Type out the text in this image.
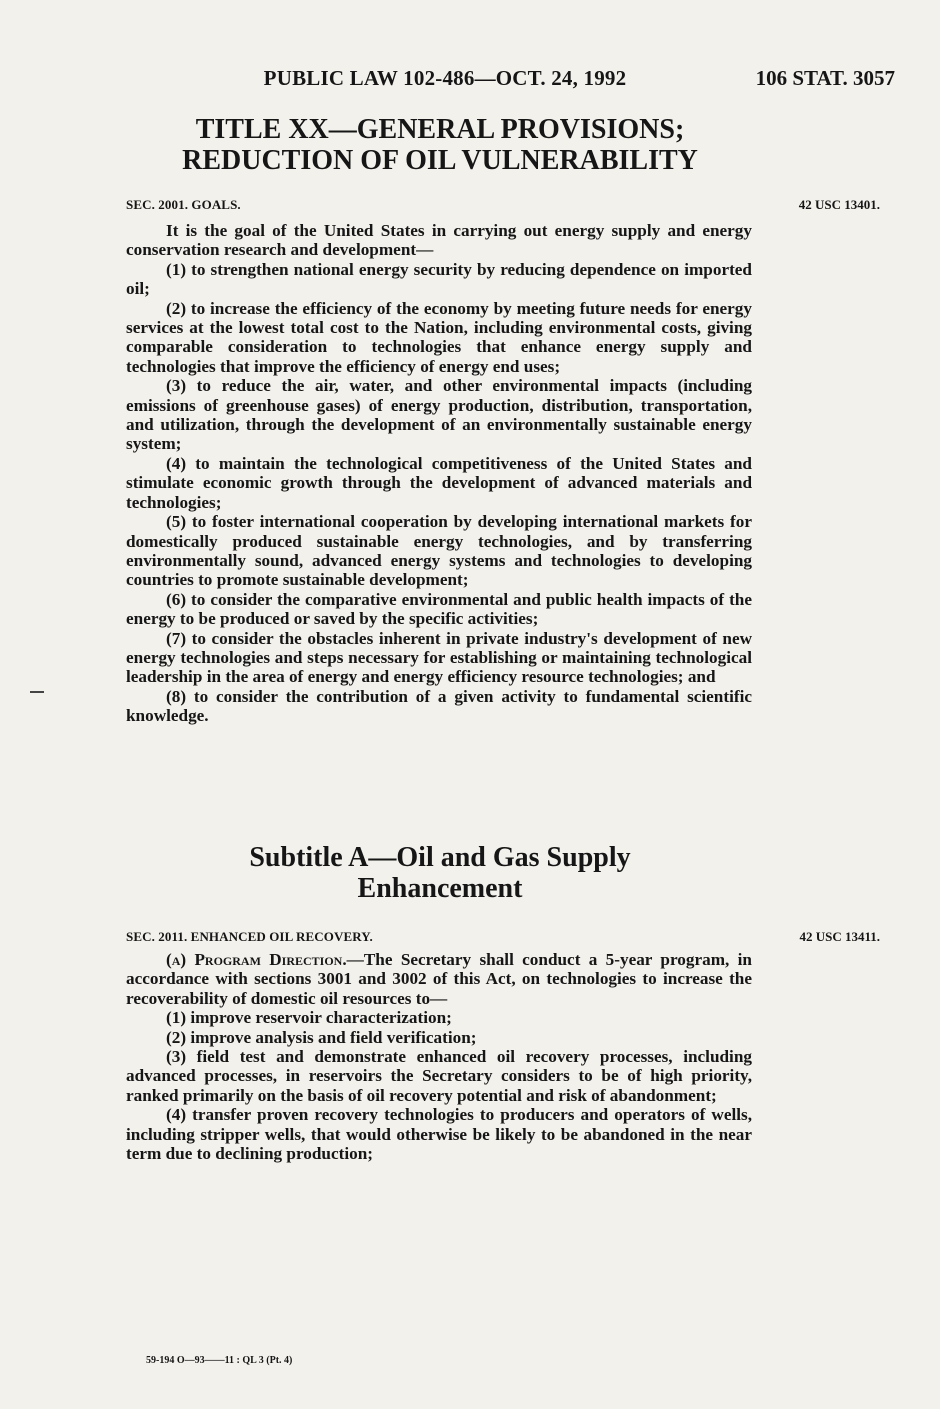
PUBLIC LAW 102-486—OCT. 24, 1992	106 STAT. 3057
TITLE XX—GENERAL PROVISIONS;
REDUCTION OF OIL VULNERABILITY
SEC. 2001. GOALS.	42 USC 13401.

It is the goal of the United States in carrying out energy supply and energy conservation research and development—

(1) to strengthen national energy security by reducing dependence on imported oil;

(2) to increase the efficiency of the economy by meeting future needs for energy services at the lowest total cost to the Nation, including environmental costs, giving comparable consideration to technologies that enhance energy supply and technologies that improve the efficiency of energy end uses;

(3) to reduce the air, water, and other environmental impacts (including emissions of greenhouse gases) of energy production, distribution, transportation, and utilization, through the development of an environmentally sustainable energy system;

(4) to maintain the technological competitiveness of the United States and stimulate economic growth through the development of advanced materials and technologies;

(5) to foster international cooperation by developing international markets for domestically produced sustainable energy technologies, and by transferring environmentally sound, advanced energy systems and technologies to developing countries to promote sustainable development;

(6) to consider the comparative environmental and public health impacts of the energy to be produced or saved by the specific activities;

(7) to consider the obstacles inherent in private industry's development of new energy technologies and steps necessary for establishing or maintaining technological leadership in the area of energy and energy efficiency resource technologies; and

(8) to consider the contribution of a given activity to fundamental scientific knowledge.

Subtitle A—Oil and Gas Supply
Enhancement
SEC. 2011. ENHANCED OIL RECOVERY.	42 USC 13411.

(a) Program Direction.—The Secretary shall conduct a 5-year program, in accordance with sections 3001 and 3002 of this Act, on technologies to increase the recoverability of domestic oil resources to—

(1) improve reservoir characterization;

(2) improve analysis and field verification;

(3) field test and demonstrate enhanced oil recovery processes, including advanced processes, in reservoirs the Secretary considers to be of high priority, ranked primarily on the basis of oil recovery potential and risk of abandonment;

(4) transfer proven recovery technologies to producers and operators of wells, including stripper wells, that would otherwise be likely to be abandoned in the near term due to declining production;

59-194 O—93——11 : QL 3 (Pt. 4)
